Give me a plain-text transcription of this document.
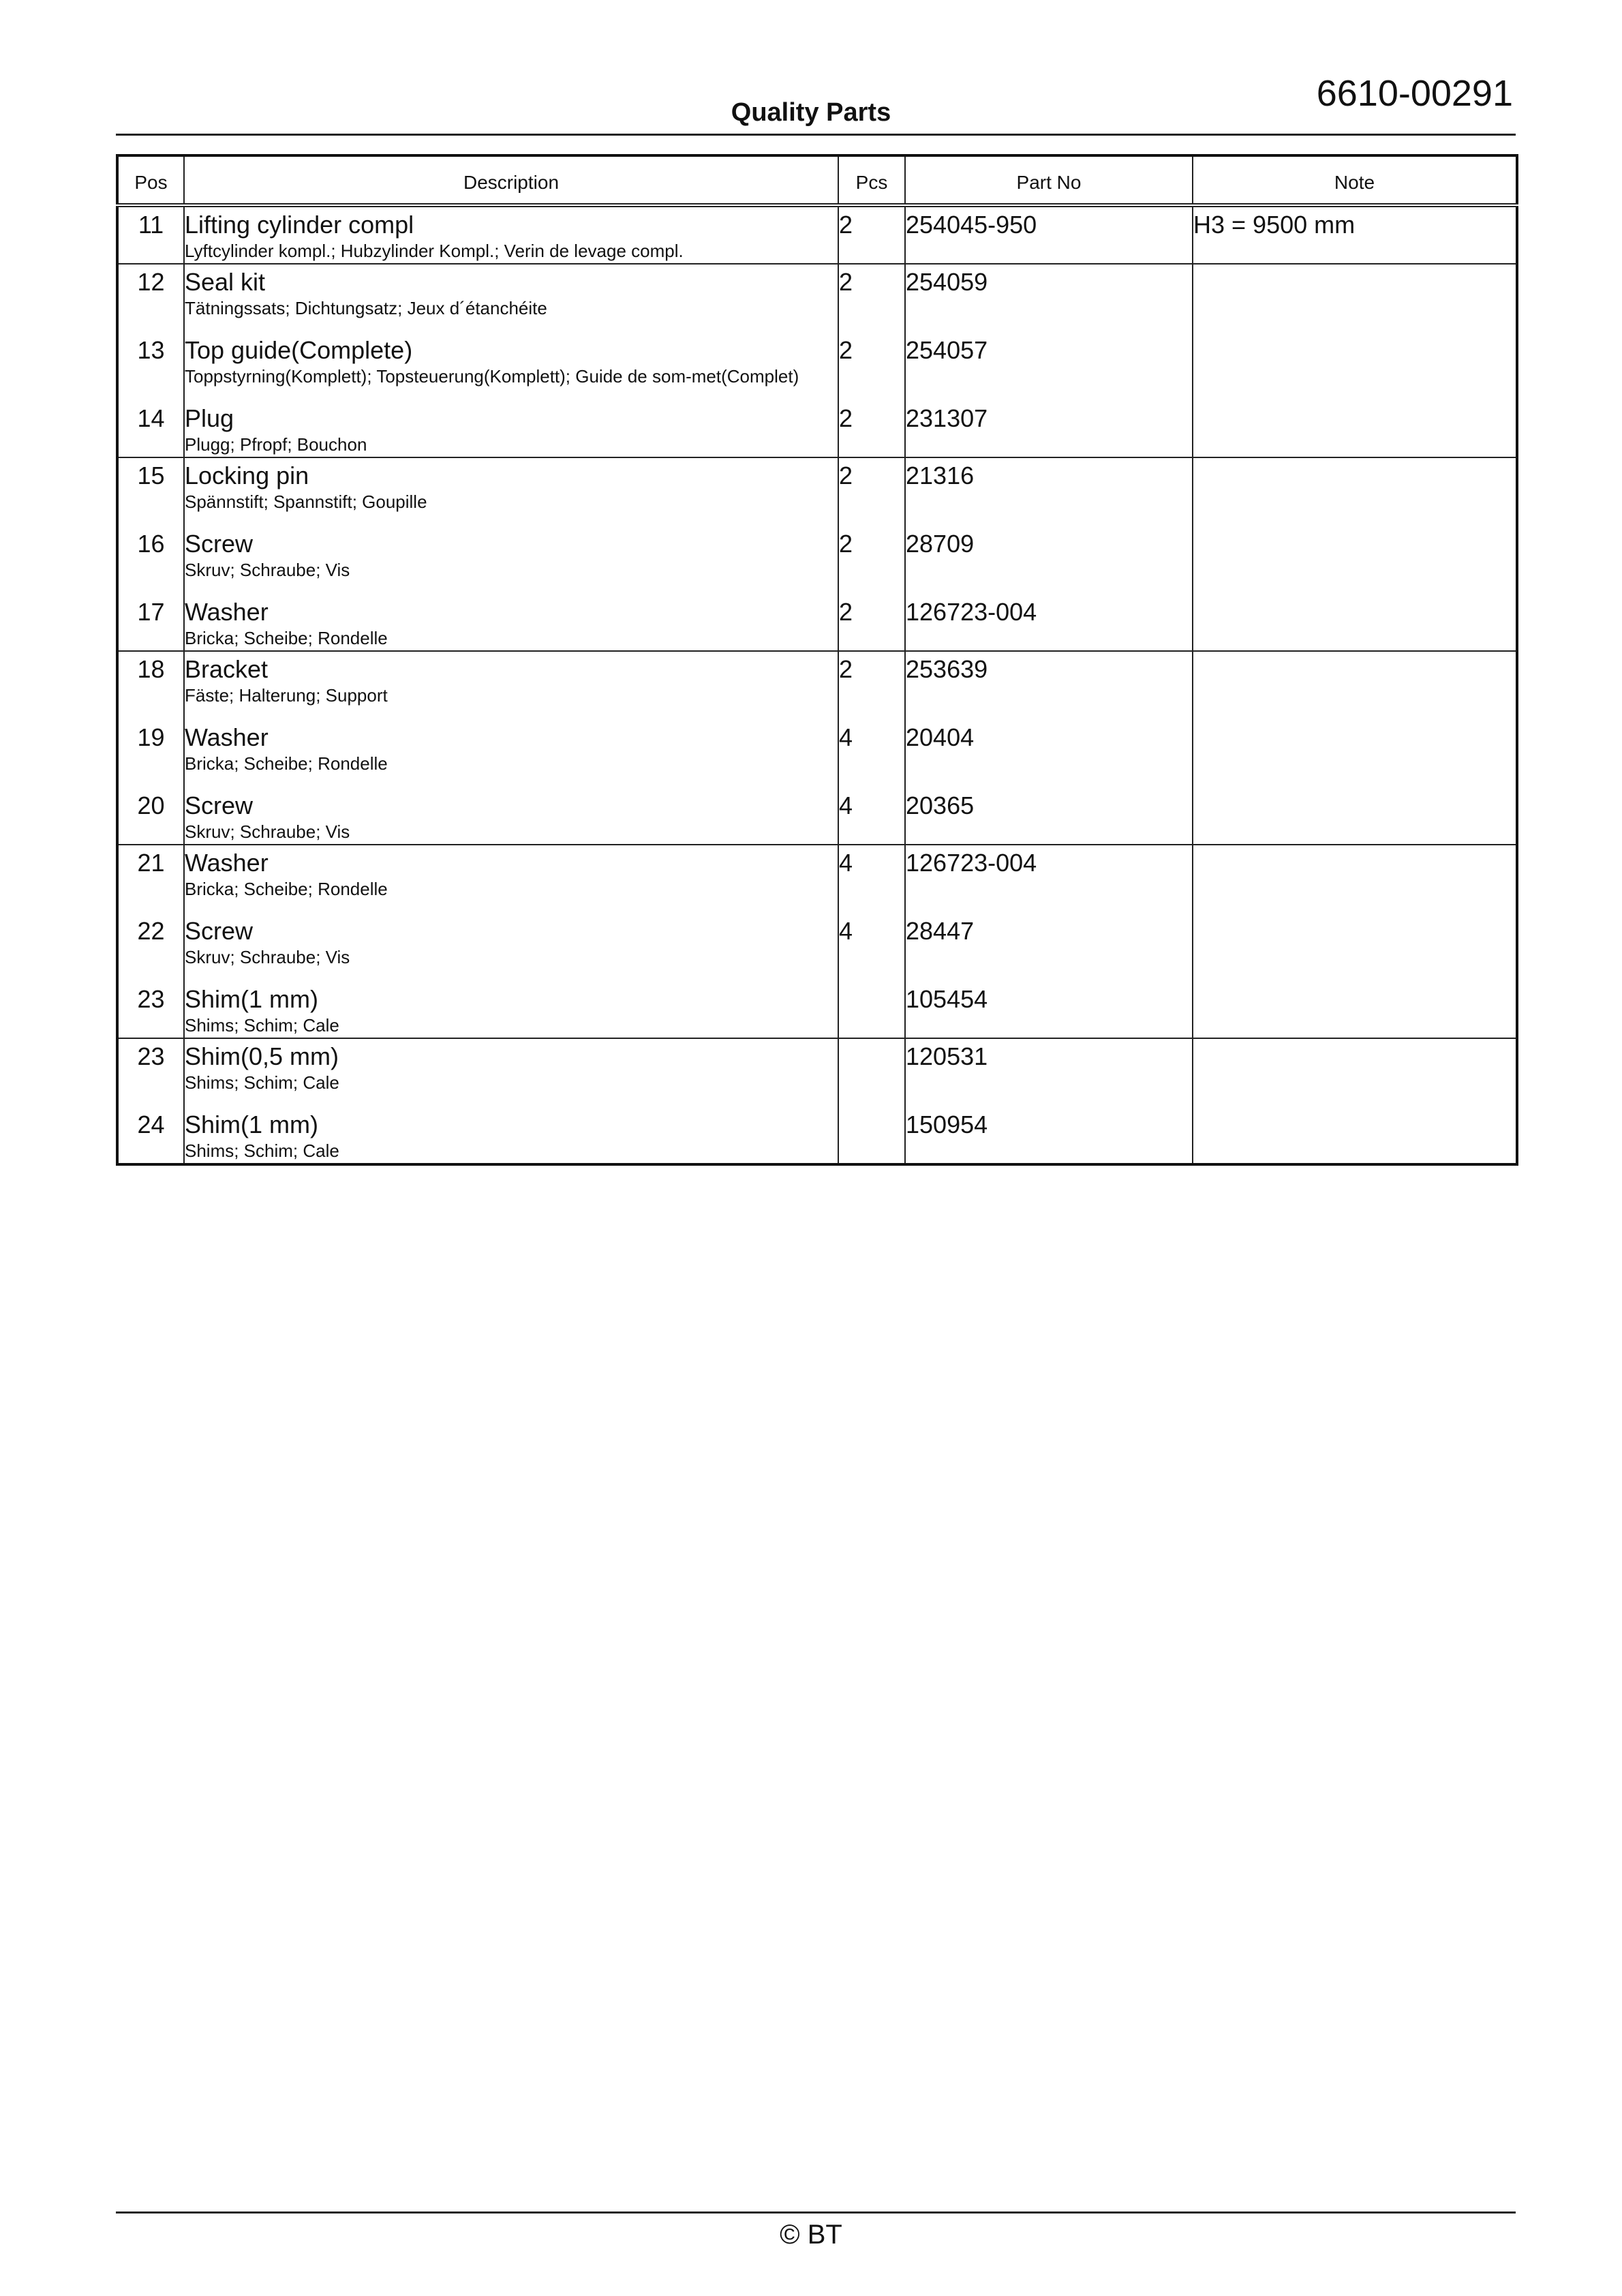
6610-00291
Quality Parts
Pos	Description	Pcs	Part No	Note

11	Lifting cylinder compl
Lyftcylinder kompl.; Hubzylinder Kompl.; Verin de levage compl.	2	254045-950	H3 = 9500 mm

12	Seal kit
Tätningssats; Dichtungsatz; Jeux d´étanchéite	2	254059	

13	Top guide(Complete)
Toppstyrning(Komplett); Topsteuerung(Komplett); Guide de som-met(Complet)	2	254057	

14	Plug
Plugg; Pfropf; Bouchon	2	231307	

15	Locking pin
Spännstift; Spannstift; Goupille	2	21316	

16	Screw
Skruv; Schraube; Vis	2	28709	

17	Washer
Bricka; Scheibe; Rondelle	2	126723-004	

18	Bracket
Fäste; Halterung; Support	2	253639	

19	Washer
Bricka; Scheibe; Rondelle	4	20404	

20	Screw
Skruv; Schraube; Vis	4	20365	

21	Washer
Bricka; Scheibe; Rondelle	4	126723-004	

22	Screw
Skruv; Schraube; Vis	4	28447	

23	Shim(1 mm)
Shims; Schim; Cale		105454	

23	Shim(0,5 mm)
Shims; Schim; Cale		120531	

24	Shim(1 mm)
Shims; Schim; Cale		150954	

© BT
